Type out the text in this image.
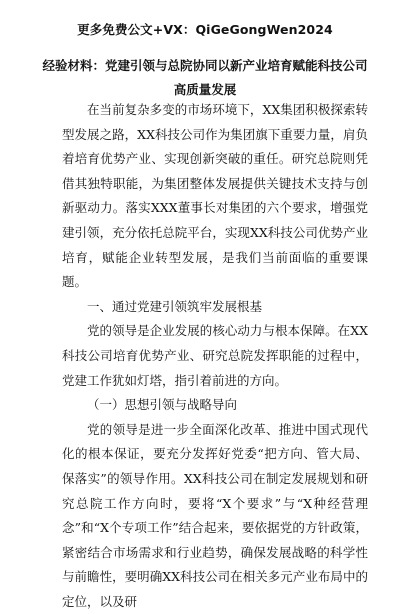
更多免费公文+VX：QiGeGongWen2024
经验材料：党建引领与总院协同以新产业培育赋能科技公司高质量发展

在当前复杂多变的市场环境下，XX集团积极探索转型发展之路，XX科技公司作为集团旗下重要力量，肩负着培育优势产业、实现创新突破的重任。研究总院则凭借其独特职能，为集团整体发展提供关键技术支持与创新驱动力。落实XXX董事长对集团的六个要求，增强党建引领，充分依托总院平台，实现XX科技公司优势产业培育，赋能企业转型发展，是我们当前面临的重要课题。

一、通过党建引领筑牢发展根基

党的领导是企业发展的核心动力与根本保障。在XX科技公司培育优势产业、研究总院发挥职能的过程中，党建工作犹如灯塔，指引着前进的方向。

（一）思想引领与战略导向

党的领导是进一步全面深化改革、推进中国式现代化的根本保证，要充分发挥好党委“把方向、管大局、保落实”的领导作用。XX科技公司在制定发展规划和研究总院工作方向时，要将“X个要求”与“X种经营理念”和“X个专项工作”结合起来，要依据党的方针政策，紧密结合市场需求和行业趋势，确保发展战略的科学性与前瞻性，要明确XX科技公司在相关多元产业布局中的定位，以及研
